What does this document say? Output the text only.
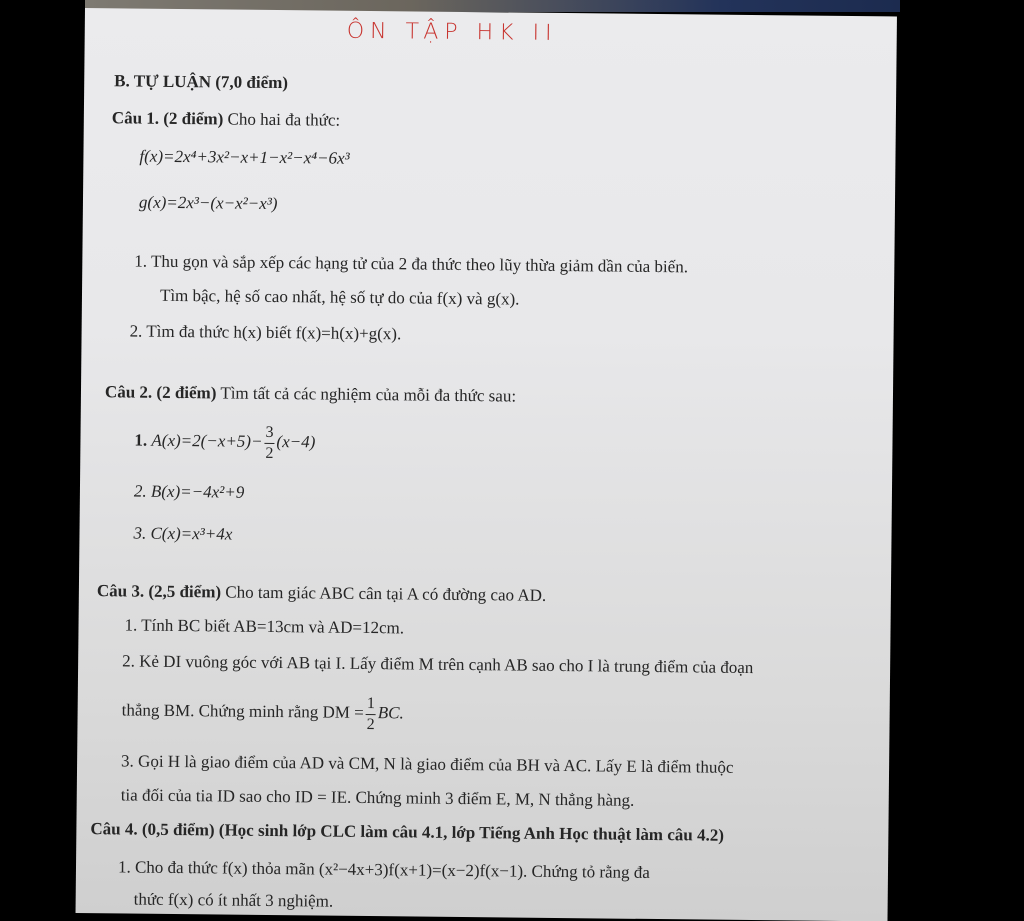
ÔN TẬP HK II
B. TỰ LUẬN (7,0 điểm)
Câu 1. (2 điểm) Cho hai đa thức:
f(x)=2x⁴+3x²−x+1−x²−x⁴−6x³
g(x)=2x³−(x−x²−x³)
1. Thu gọn và sắp xếp các hạng tử của 2 đa thức theo lũy thừa giảm dần của biến.
Tìm bậc, hệ số cao nhất, hệ số tự do của f(x) và g(x).
2. Tìm đa thức h(x) biết f(x)=h(x)+g(x).
Câu 2. (2 điểm) Tìm tất cả các nghiệm của mỗi đa thức sau:
1. $A(x)=2(-x+5)- \frac{3}{2} (x-4)$
2. B(x)=−4x²+9
3. C(x)=x³+4x
Câu 3. (2,5 điểm) Cho tam giác ABC cân tại A có đường cao AD.
1. Tính BC biết AB=13cm và AD=12cm.
2. Kẻ DI vuông góc với AB tại I. Lấy điểm M trên cạnh AB sao cho I là trung điểm của đoạn
thẳng BM. Chứng minh rằng DM = $\frac{1}{2}$ BC.
3. Gọi H là giao điểm của AD và CM, N là giao điểm của BH và AC. Lấy E là điểm thuộc
tia đối của tia ID sao cho ID = IE. Chứng minh 3 điểm E, M, N thẳng hàng.
Câu 4. (0,5 điểm) (Học sinh lớp CLC làm câu 4.1, lớp Tiếng Anh Học thuật làm câu 4.2)
1. Cho đa thức f(x) thỏa mãn (x²−4x+3)f(x+1)=(x−2)f(x−1). Chứng tỏ rằng đa
thức f(x) có ít nhất 3 nghiệm.
